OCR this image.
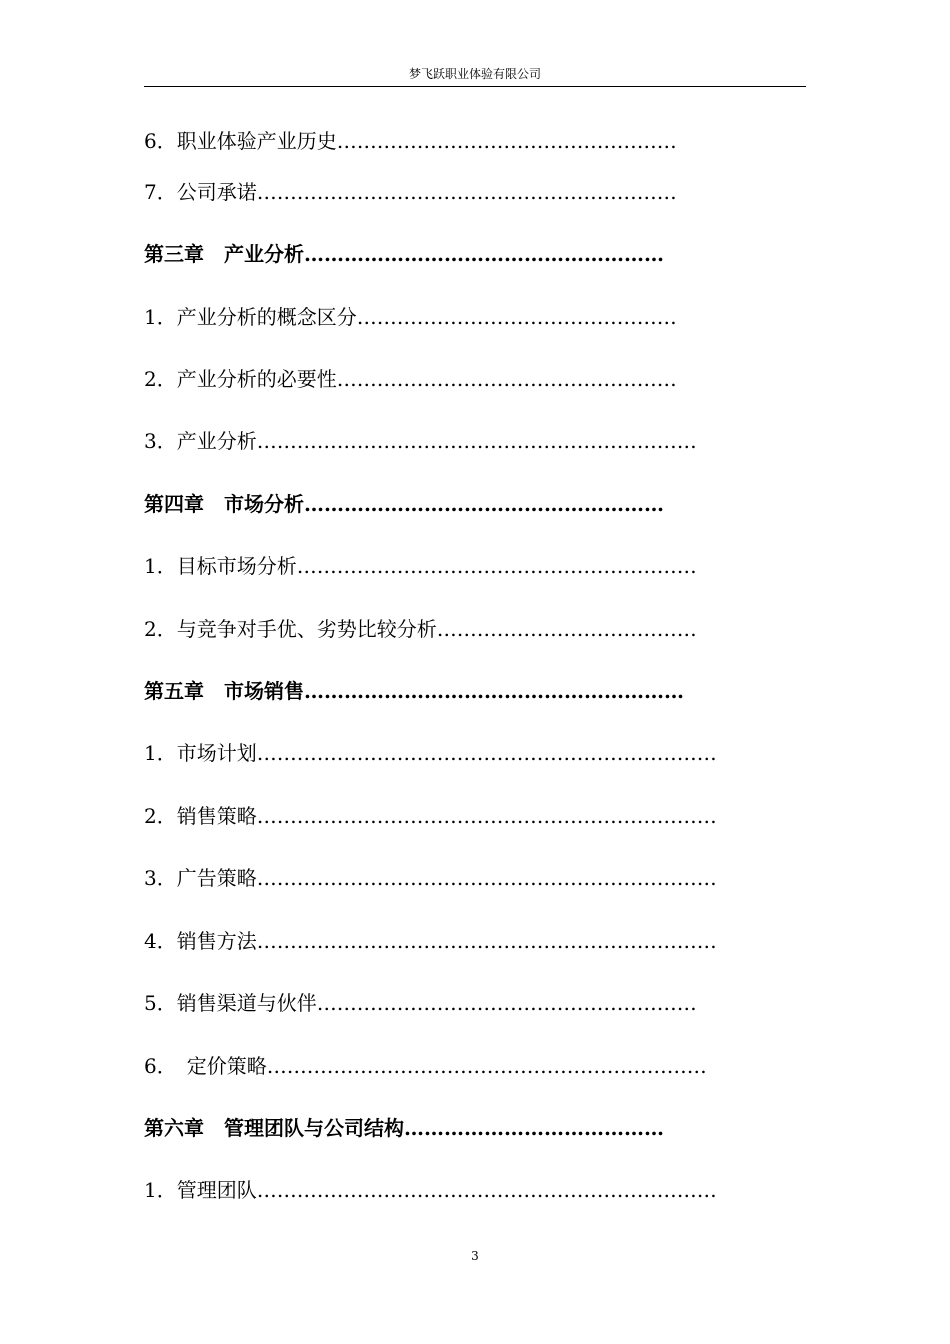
梦飞跃职业体验有限公司
6．职业体验产业历史……………………………………………
7．公司承诺………………………………………………………
第三章　产业分析………………………………………………
1．产业分析的概念区分…………………………………………
2．产业分析的必要性……………………………………………
3．产业分析…………………………………………………………
第四章　市场分析………………………………………………
1．目标市场分析……………………………………………………
2．与竞争对手优、劣势比较分析…………………………………
第五章　市场销售…………………………………………………
1．市场计划……………………………………………………………
2．销售策略……………………………………………………………
3．广告策略……………………………………………………………
4．销售方法……………………………………………………………
5．销售渠道与伙伴…………………………………………………
6．　定价策略…………………………………………………………
第六章　管理团队与公司结构…………………………………
1．管理团队……………………………………………………………
3
